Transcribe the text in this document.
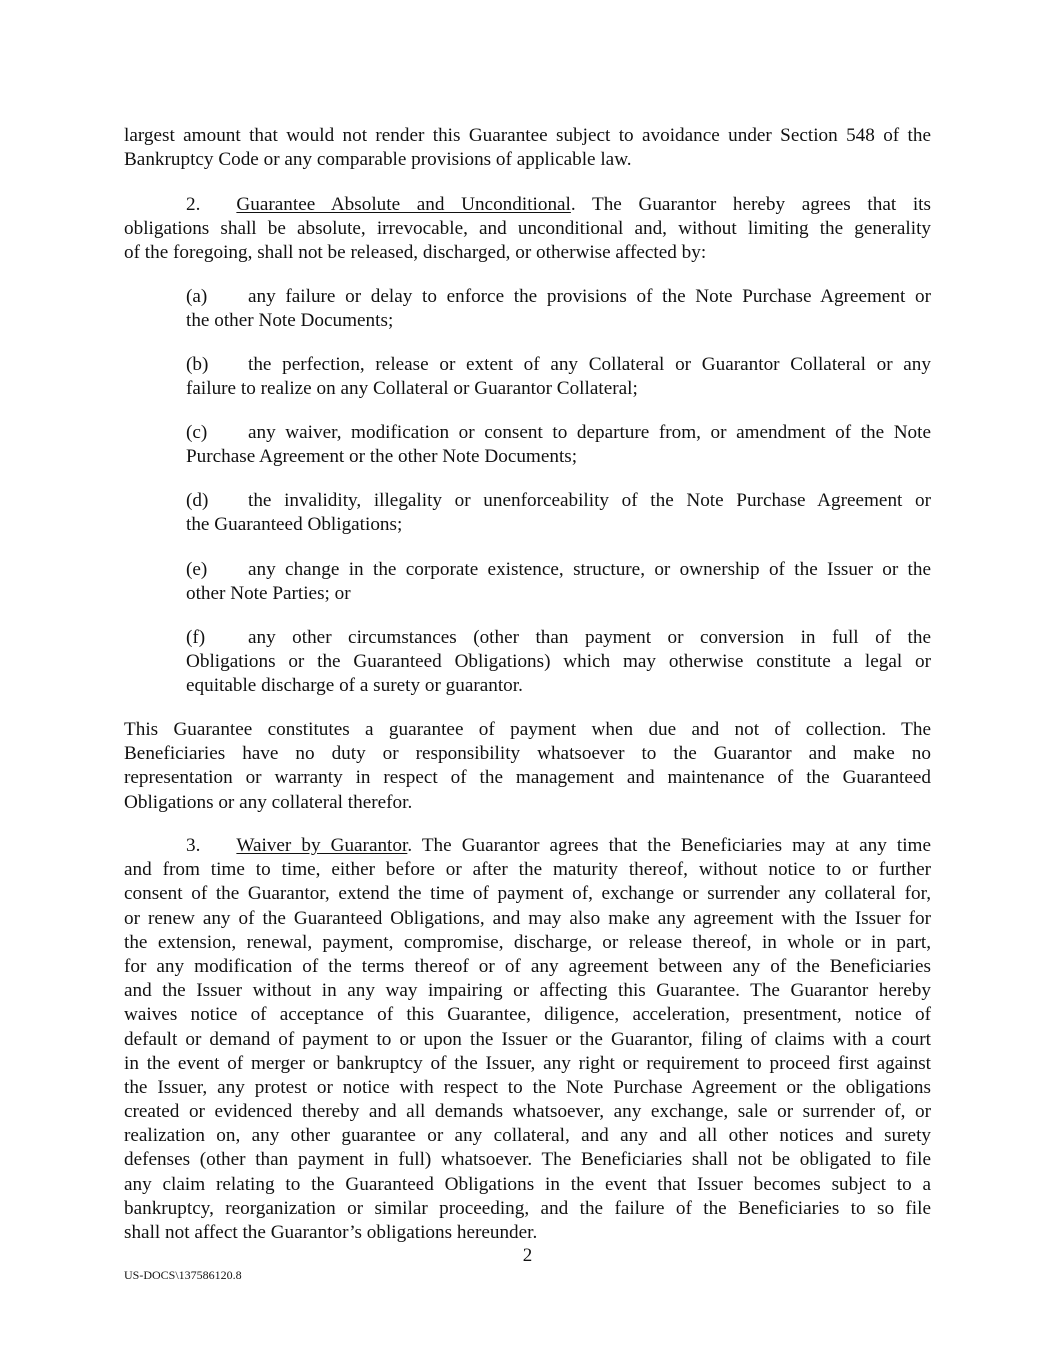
largest amount that would not render this Guarantee subject to avoidance under Section 548 of the
Bankruptcy Code or any comparable provisions of applicable law.
2. Guarantee Absolute and Unconditional. The Guarantor hereby agrees that its
obligations shall be absolute, irrevocable, and unconditional and, without limiting the generality
of the foregoing, shall not be released, discharged, or otherwise affected by:
(a) any failure or delay to enforce the provisions of the Note Purchase Agreement or
the other Note Documents;
(b) the perfection, release or extent of any Collateral or Guarantor Collateral or any
failure to realize on any Collateral or Guarantor Collateral;
(c) any waiver, modification or consent to departure from, or amendment of the Note
Purchase Agreement or the other Note Documents;
(d) the invalidity, illegality or unenforceability of the Note Purchase Agreement or
the Guaranteed Obligations;
(e) any change in the corporate existence, structure, or ownership of the Issuer or the
other Note Parties; or
(f) any other circumstances (other than payment or conversion in full of the
Obligations or the Guaranteed Obligations) which may otherwise constitute a legal or
equitable discharge of a surety or guarantor.
This Guarantee constitutes a guarantee of payment when due and not of collection. The
Beneficiaries have no duty or responsibility whatsoever to the Guarantor and make no
representation or warranty in respect of the management and maintenance of the Guaranteed
Obligations or any collateral therefor.
3. Waiver by Guarantor. The Guarantor agrees that the Beneficiaries may at any time
and from time to time, either before or after the maturity thereof, without notice to or further
consent of the Guarantor, extend the time of payment of, exchange or surrender any collateral for,
or renew any of the Guaranteed Obligations, and may also make any agreement with the Issuer for
the extension, renewal, payment, compromise, discharge, or release thereof, in whole or in part,
for any modification of the terms thereof or of any agreement between any of the Beneficiaries
and the Issuer without in any way impairing or affecting this Guarantee. The Guarantor hereby
waives notice of acceptance of this Guarantee, diligence, acceleration, presentment, notice of
default or demand of payment to or upon the Issuer or the Guarantor, filing of claims with a court
in the event of merger or bankruptcy of the Issuer, any right or requirement to proceed first against
the Issuer, any protest or notice with respect to the Note Purchase Agreement or the obligations
created or evidenced thereby and all demands whatsoever, any exchange, sale or surrender of, or
realization on, any other guarantee or any collateral, and any and all other notices and surety
defenses (other than payment in full) whatsoever. The Beneficiaries shall not be obligated to file
any claim relating to the Guaranteed Obligations in the event that Issuer becomes subject to a
bankruptcy, reorganization or similar proceeding, and the failure of the Beneficiaries to so file
shall not affect the Guarantor’s obligations hereunder.
2
US-DOCS\137586120.8
